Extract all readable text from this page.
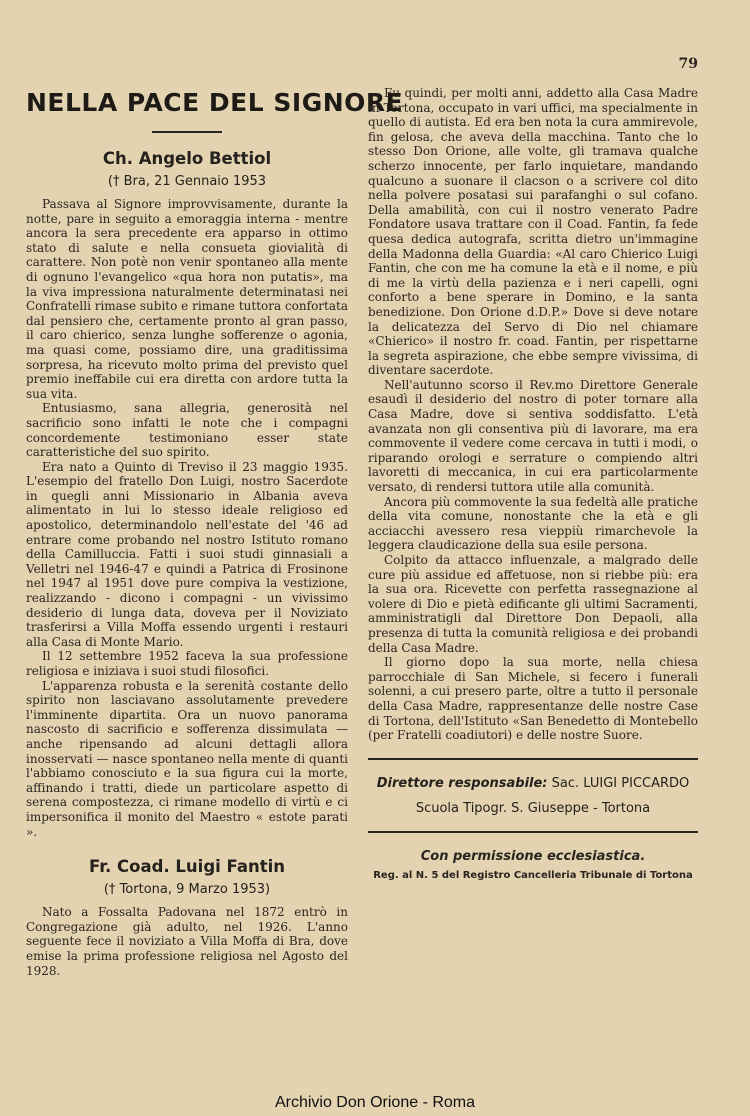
79
NELLA PACE DEL SIGNORE
Ch. Angelo Bettiol
(† Bra, 21 Gennaio 1953

Passava al Signore improvvisamente, durante la notte, pare in seguito a emoraggia interna - mentre ancora la sera precedente era apparso in ottimo stato di salute e nella consueta giovialità di carattere. Non potè non venir spontaneo alla mente di ognuno l'evangelico «qua hora non putatis», ma la viva impressiona naturalmente determinatasi nei Confratelli rimase subito e rimane tuttora confortata dal pensiero che, certamente pronto al gran passo, il caro chierico, senza lunghe sofferenze o agonia, ma quasi come, possiamo dire, una graditissima sorpresa, ha ricevuto molto prima del previsto quel premio ineffabile cui era diretta con ardore tutta la sua vita.

Entusiasmo, sana allegria, generosità nel sacrificio sono infatti le note che i compagni concordemente testimoniano esser state caratteristiche del suo spirito.

Era nato a Quinto di Treviso il 23 maggio 1935. L'esempio del fratello Don Luigi, nostro Sacerdote in quegli anni Missionario in Albania aveva alimentato in lui lo stesso ideale religioso ed apostolico, determinandolo nell'estate del '46 ad entrare come probando nel nostro Istituto romano della Camilluccia. Fatti i suoi studi ginnasiali a Velletri nel 1946-47 e quindi a Patrica di Frosinone nel 1947 al 1951 dove pure compiva la vestizione, realizzando - dicono i compagni - un vivissimo desiderio di lunga data, doveva per il Noviziato trasferirsi a Villa Moffa essendo urgenti i restauri alla Casa di Monte Mario.

Il 12 settembre 1952 faceva la sua professione religiosa e iniziava i suoi studi filosofici.

L'apparenza robusta e la serenità costante dello spirito non lasciavano assolutamente prevedere l'imminente dipartita. Ora un nuovo panorama nascosto di sacrificio e sofferenza dissimulata — anche ripensando ad alcuni dettagli allora inosservati — nasce spontaneo nella mente di quanti l'abbiamo conosciuto e la sua figura cui la morte, affinando i tratti, diede un particolare aspetto di serena compostezza, ci rimane modello di virtù e ci impersonifica il monito del Maestro « estote parati ».

Fr. Coad. Luigi Fantin
(† Tortona, 9 Marzo 1953)

Nato a Fossalta Padovana nel 1872 entrò in Congregazione già adulto, nel 1926. L'anno seguente fece il noviziato a Villa Moffa di Bra, dove emise la prima professione religiosa nel Agosto del 1928.

Fu quindi, per molti anni, addetto alla Casa Madre in Tortona, occupato in vari uffici, ma specialmente in quello di autista. Ed era ben nota la cura ammirevole, fin gelosa, che aveva della macchina. Tanto che lo stesso Don Orione, alle volte, gli tramava qualche scherzo innocente, per farlo inquietare, mandando qualcuno a suonare il clacson o a scrivere col dito nella polvere posatasi sui parafanghi o sul cofano. Della amabilità, con cui il nostro venerato Padre Fondatore usava trattare con il Coad. Fantin, fa fede quesa dedica autografa, scritta dietro un'immagine della Madonna della Guardia: «Al caro Chierico Luigi Fantin, che con me ha comune la età e il nome, e più di me la virtù della pazienza e i neri capelli, ogni conforto a bene sperare in Domino, e la santa benedizione. Don Orione d.D.P.» Dove si deve notare la delicatezza del Servo di Dio nel chiamare «Chierico» il nostro fr. coad. Fantin, per rispettarne la segreta aspirazione, che ebbe sempre vivissima, di diventare sacerdote.

Nell'autunno scorso il Rev.mo Direttore Generale esaudì il desiderio del nostro di poter tornare alla Casa Madre, dove si sentiva soddisfatto. L'età avanzata non gli consentiva più di lavorare, ma era commovente il vedere come cercava in tutti i modi, o riparando orologi e serrature o compiendo altri lavoretti di meccanica, in cui era particolarmente versato, di rendersi tuttora utile alla comunità.

Ancora più commovente la sua fedeltà alle pratiche della vita comune, nonostante che la età e gli acciacchi avessero resa vieppiù rimarchevole la leggera claudicazione della sua esile persona.

Colpito da attacco influenzale, a malgrado delle cure più assidue ed affetuose, non si riebbe più: era la sua ora. Ricevette con perfetta rassegnazione al volere di Dio e pietà edificante gli ultimi Sacramenti, amministratigli dal Direttore Don Depaoli, alla presenza di tutta la comunità religiosa e dei probandi della Casa Madre.

Il giorno dopo la sua morte, nella chiesa parrocchiale di San Michele, si fecero i funerali solenni, a cui presero parte, oltre a tutto il personale della Casa Madre, rappresentanze delle nostre Case di Tortona, dell'Istituto «San Benedetto di Montebello (per Fratelli coadiutori) e delle nostre Suore.

Direttore responsabile: Sac. LUIGI PICCARDO
Scuola Tipogr. S. Giuseppe - Tortona
Con permissione ecclesiastica.
Reg. al N. 5 del Registro Cancelleria Tribunale di Tortona
Archivio Don Orione - Roma
